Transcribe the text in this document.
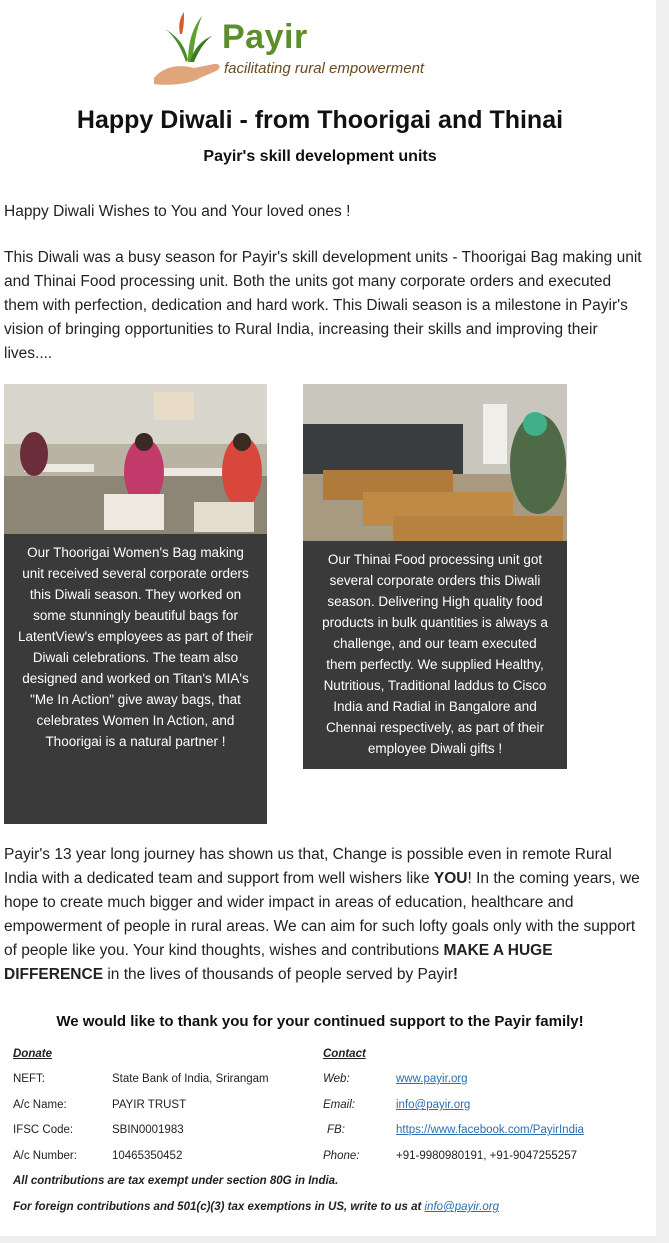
Payir
facilitating rural empowerment
Happy Diwali - from Thoorigai and Thinai
Payir's skill development units
Happy Diwali Wishes to You and Your loved ones !
This Diwali was a busy season for Payir's skill development units - Thoorigai Bag making unit and Thinai Food processing unit. Both the units got many corporate orders and executed them with perfection, dedication and hard work. This Diwali season is a milestone in Payir's vision of bringing opportunities to Rural India, increasing their skills and improving their lives....
Our Thoorigai Women's Bag making unit received several corporate orders this Diwali season. They worked on some stunningly beautiful bags for LatentView's employees as part of their Diwali celebrations. The team also designed and worked on Titan's MIA's "Me In Action" give away bags, that celebrates Women In Action, and Thoorigai is a natural partner !
Our Thinai Food processing unit got several corporate orders this Diwali season. Delivering High quality food products in bulk quantities is always a challenge, and our team executed them perfectly. We supplied Healthy, Nutritious, Traditional laddus to Cisco India and Radial in Bangalore and Chennai respectively, as part of their employee Diwali gifts !
Payir's 13 year long journey has shown us that, Change is possible even in remote Rural India with a dedicated team and support from well wishers like YOU! In the coming years, we hope to create much bigger and wider impact in areas of education, healthcare and empowerment of people in rural areas. We can aim for such lofty goals only with the support of people like you. Your kind thoughts, wishes and contributions MAKE A HUGE DIFFERENCE in the lives of thousands of people served by Payir!
We would like to thank you for your continued support to the Payir family!
Donate
NEFT:	State Bank of India, Srirangam
A/c Name:	PAYIR TRUST
IFSC Code:	SBIN0001983
A/c Number:	10465350452
Contact
Web:	www.payir.org
Email:	info@payir.org
FB:	https://www.facebook.com/PayirIndia
Phone:	+91-9980980191, +91-9047255257
All contributions are tax exempt under section 80G in India.
For foreign contributions and 501(c)(3) tax exemptions in US, write to us at info@payir.org
